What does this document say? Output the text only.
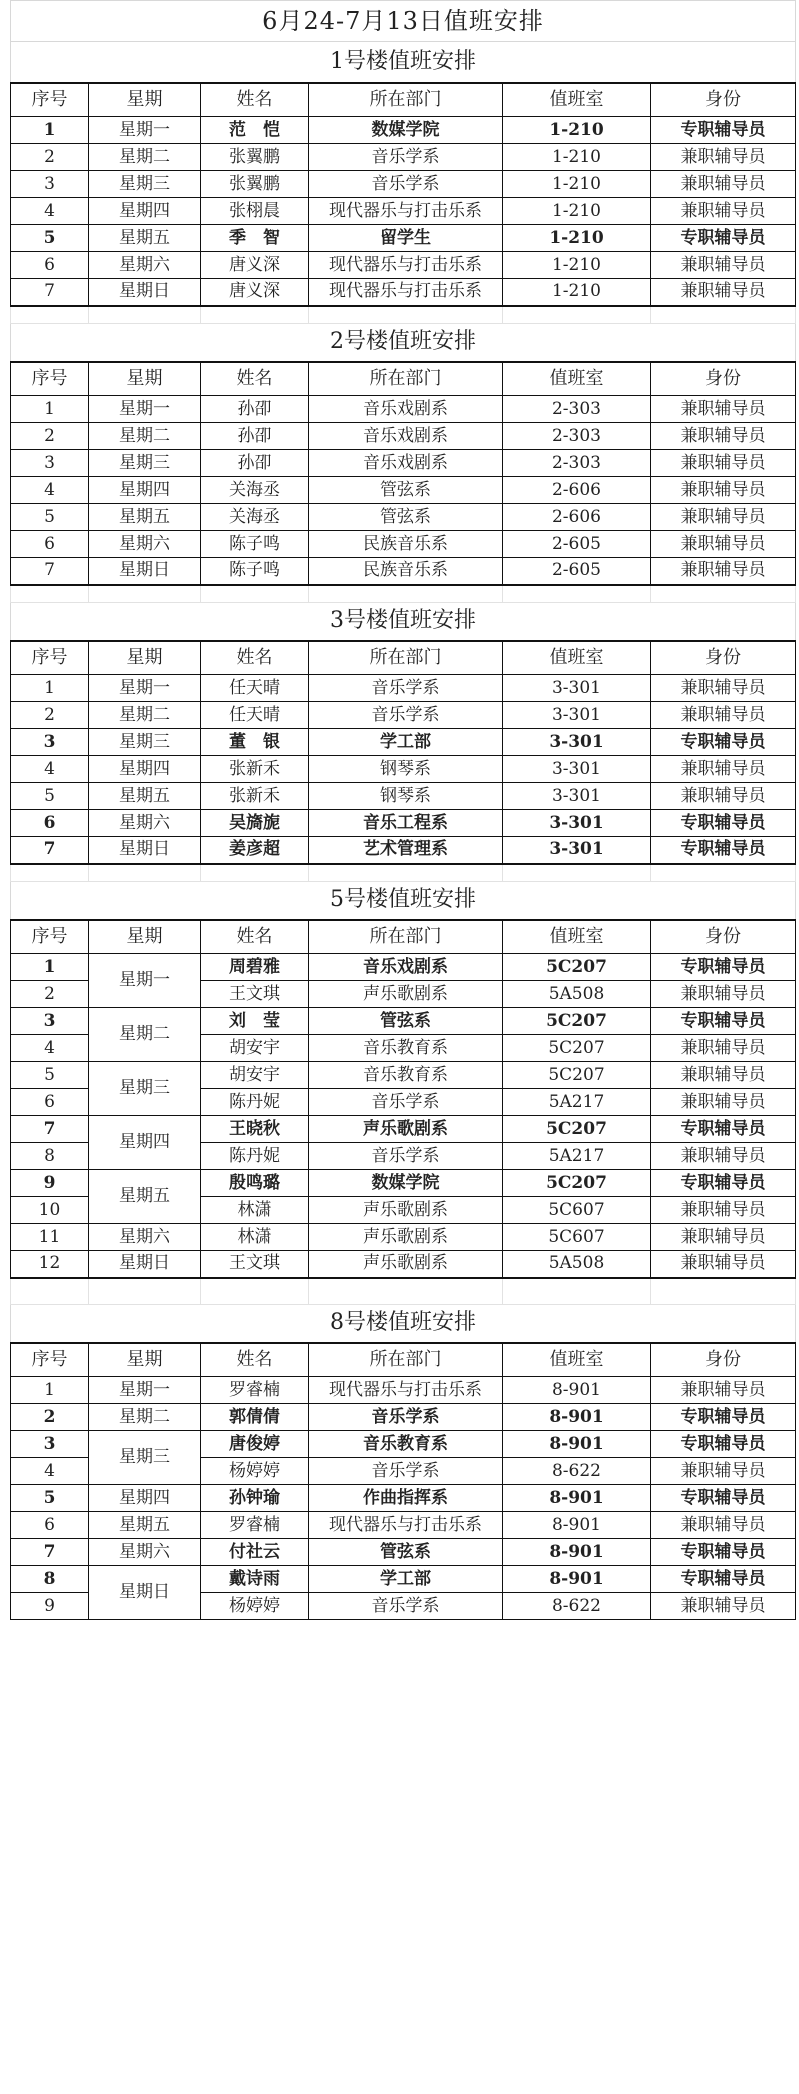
6月24-7月13日值班安排					
1号楼值班安排					
序号	星期	姓名	所在部门	值班室	身份
1	星期一	范　恺	数媒学院	1-210	专职辅导员
2	星期二	张翼鹏	音乐学系	1-210	兼职辅导员
3	星期三	张翼鹏	音乐学系	1-210	兼职辅导员
4	星期四	张栩晨	现代器乐与打击乐系	1-210	兼职辅导员
5	星期五	季　智	留学生	1-210	专职辅导员
6	星期六	唐义深	现代器乐与打击乐系	1-210	兼职辅导员
7	星期日	唐义深	现代器乐与打击乐系	1-210	兼职辅导员

2号楼值班安排					
序号	星期	姓名	所在部门	值班室	身份
1	星期一	孙卲	音乐戏剧系	2-303	兼职辅导员
2	星期二	孙卲	音乐戏剧系	2-303	兼职辅导员
3	星期三	孙卲	音乐戏剧系	2-303	兼职辅导员
4	星期四	关海丞	管弦系	2-606	兼职辅导员
5	星期五	关海丞	管弦系	2-606	兼职辅导员
6	星期六	陈子鸣	民族音乐系	2-605	兼职辅导员
7	星期日	陈子鸣	民族音乐系	2-605	兼职辅导员

3号楼值班安排					
序号	星期	姓名	所在部门	值班室	身份
1	星期一	任天晴	音乐学系	3-301	兼职辅导员
2	星期二	任天晴	音乐学系	3-301	兼职辅导员
3	星期三	董　银	学工部	3-301	专职辅导员
4	星期四	张新禾	钢琴系	3-301	兼职辅导员
5	星期五	张新禾	钢琴系	3-301	兼职辅导员
6	星期六	吴旖旎	音乐工程系	3-301	专职辅导员
7	星期日	姜彦超	艺术管理系	3-301	专职辅导员

5号楼值班安排					
序号	星期	姓名	所在部门	值班室	身份
1	星期一	周碧雅	音乐戏剧系	5C207	专职辅导员
2		王文琪	声乐歌剧系	5A508	兼职辅导员
3	星期二	刘　莹	管弦系	5C207	专职辅导员
4		胡安宇	音乐教育系	5C207	兼职辅导员
5	星期三	胡安宇	音乐教育系	5C207	兼职辅导员
6		陈丹妮	音乐学系	5A217	兼职辅导员
7	星期四	王晓秋	声乐歌剧系	5C207	专职辅导员
8		陈丹妮	音乐学系	5A217	兼职辅导员
9	星期五	殷鸣璐	数媒学院	5C207	专职辅导员
10		林潇	声乐歌剧系	5C607	兼职辅导员
11	星期六	林潇	声乐歌剧系	5C607	兼职辅导员
12	星期日	王文琪	声乐歌剧系	5A508	兼职辅导员

8号楼值班安排					
序号	星期	姓名	所在部门	值班室	身份
1	星期一	罗睿楠	现代器乐与打击乐系	8-901	兼职辅导员
2	星期二	郭倩倩	音乐学系	8-901	专职辅导员
3	星期三	唐俊婷	音乐教育系	8-901	专职辅导员
4		杨婷婷	音乐学系	8-622	兼职辅导员
5	星期四	孙钟瑜	作曲指挥系	8-901	专职辅导员
6	星期五	罗睿楠	现代器乐与打击乐系	8-901	兼职辅导员
7	星期六	付社云	管弦系	8-901	专职辅导员
8	星期日	戴诗雨	学工部	8-901	专职辅导员
9		杨婷婷	音乐学系	8-622	兼职辅导员
